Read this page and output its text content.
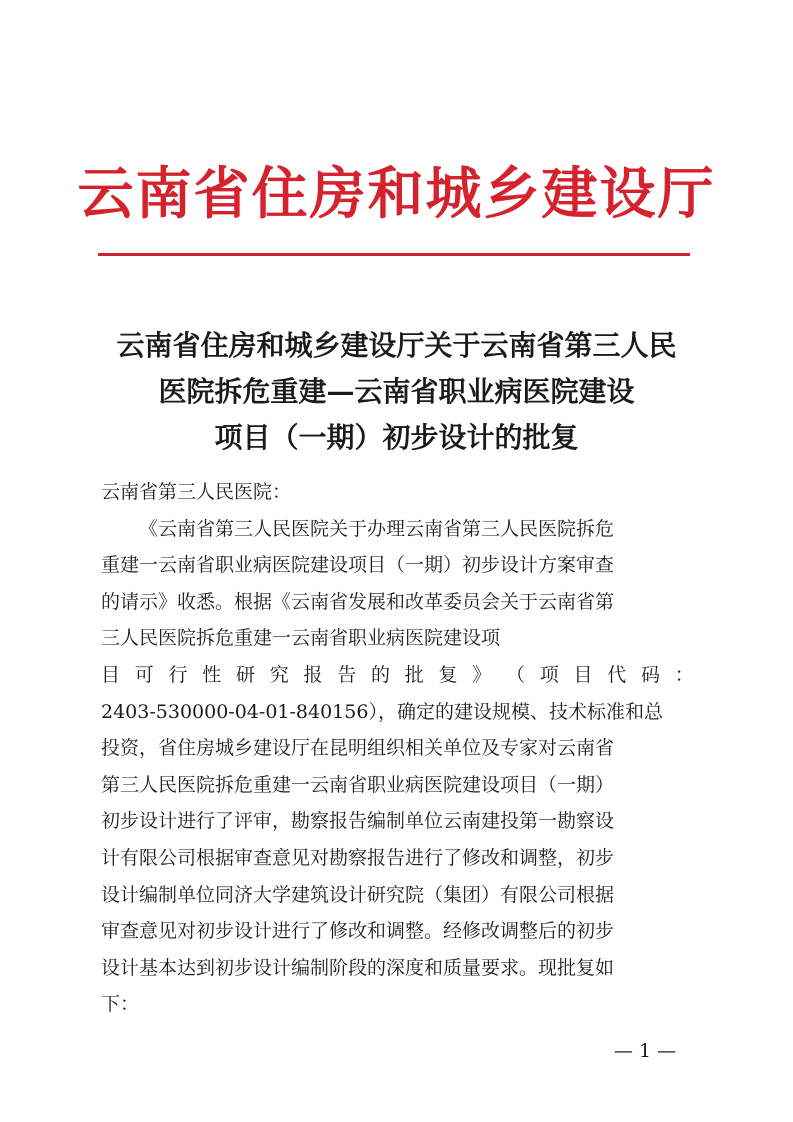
云南省住房和城乡建设厅
云南省住房和城乡建设厅关于云南省第三人民
医院拆危重建—云南省职业病医院建设
项目（一期）初步设计的批复
云南省第三人民医院：
《云南省第三人民医院关于办理云南省第三人民医院拆危
重建一云南省职业病医院建设项目（一期）初步设计方案审查
的请示》收悉。根据《云南省发展和改革委员会关于云南省第
三人民医院拆危重建一云南省职业病医院建设项
目 可 行 性 研 究 报 告 的 批 复 》 （ 项 目 代 码 ：
2403-530000-04-01-840156），确定的建设规模、技术标准和总
投资，省住房城乡建设厅在昆明组织相关单位及专家对云南省
第三人民医院拆危重建一云南省职业病医院建设项目（一期）
初步设计进行了评审，勘察报告编制单位云南建投第一勘察设
计有限公司根据审查意见对勘察报告进行了修改和调整，初步
设计编制单位同济大学建筑设计研究院（集团）有限公司根据
审查意见对初步设计进行了修改和调整。经修改调整后的初步
设计基本达到初步设计编制阶段的深度和质量要求。现批复如
下：
— 1 —
